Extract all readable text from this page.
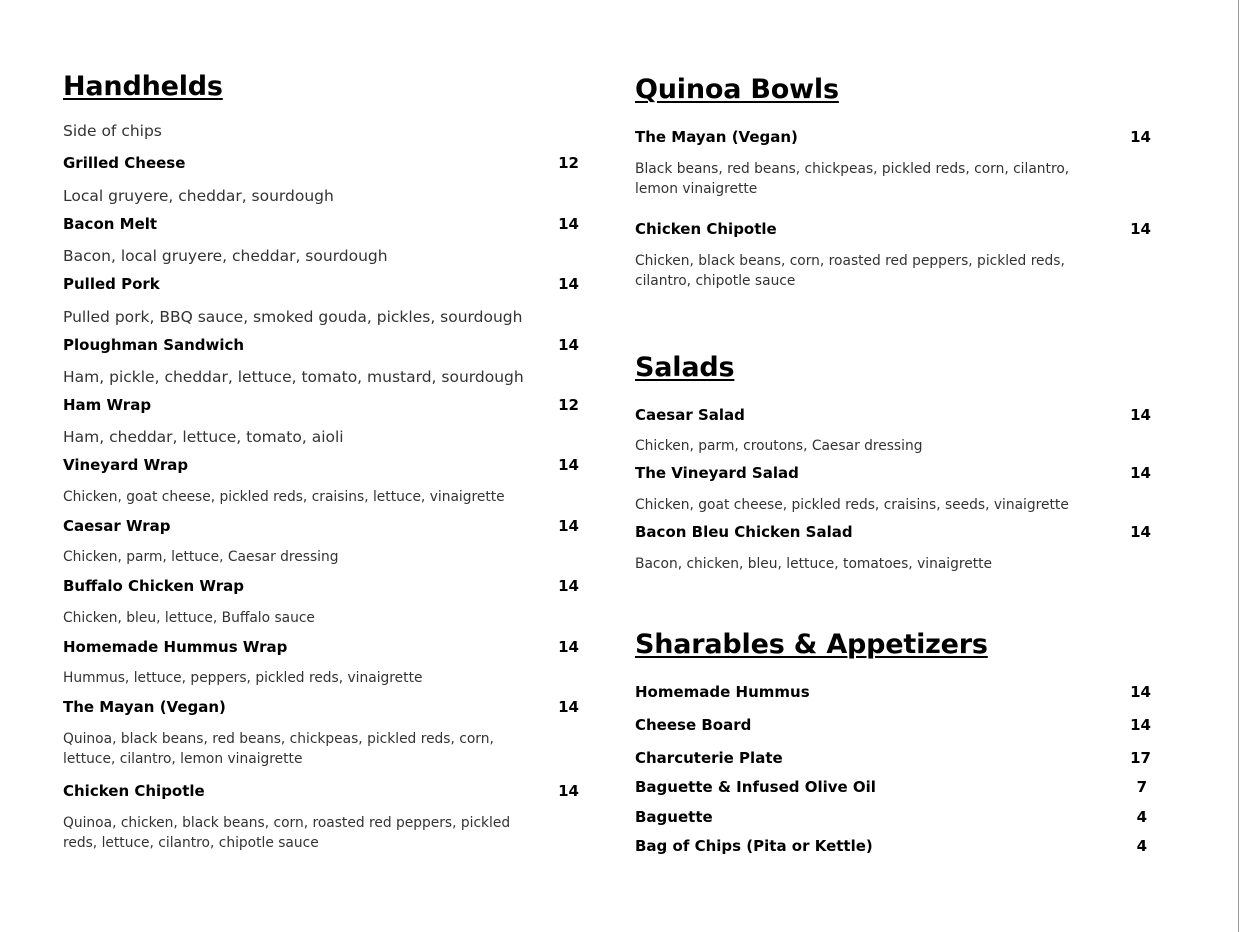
Handhelds
Side of chips
Grilled Cheese	12
Local gruyere, cheddar, sourdough
Bacon Melt	14
Bacon, local gruyere, cheddar, sourdough
Pulled Pork	14
Pulled pork, BBQ sauce, smoked gouda, pickles, sourdough
Ploughman Sandwich	14
Ham, pickle, cheddar, lettuce, tomato, mustard, sourdough
Ham Wrap	12
Ham, cheddar, lettuce, tomato, aioli
Vineyard Wrap	14
Chicken, goat cheese, pickled reds, craisins, lettuce, vinaigrette
Caesar Wrap	14
Chicken, parm, lettuce, Caesar dressing
Buffalo Chicken Wrap	14
Chicken, bleu, lettuce, Buffalo sauce
Homemade Hummus Wrap	14
Hummus, lettuce, peppers, pickled reds, vinaigrette
The Mayan (Vegan)	14
Quinoa, black beans, red beans, chickpeas, pickled reds, corn, lettuce, cilantro, lemon vinaigrette
Chicken Chipotle	14
Quinoa, chicken, black beans, corn, roasted red peppers, pickled reds, lettuce, cilantro, chipotle sauce
Quinoa Bowls
The Mayan (Vegan)	14
Black beans, red beans, chickpeas, pickled reds, corn, cilantro, lemon vinaigrette
Chicken Chipotle	14
Chicken, black beans, corn, roasted red peppers, pickled reds, cilantro, chipotle sauce
Salads
Caesar Salad	14
Chicken, parm, croutons, Caesar dressing
The Vineyard Salad	14
Chicken, goat cheese, pickled reds, craisins, seeds, vinaigrette
Bacon Bleu Chicken Salad	14
Bacon, chicken, bleu, lettuce, tomatoes, vinaigrette
Sharables & Appetizers
Homemade Hummus	14
Cheese Board	14
Charcuterie Plate	17
Baguette & Infused Olive Oil	7
Baguette	4
Bag of Chips (Pita or Kettle)	4
